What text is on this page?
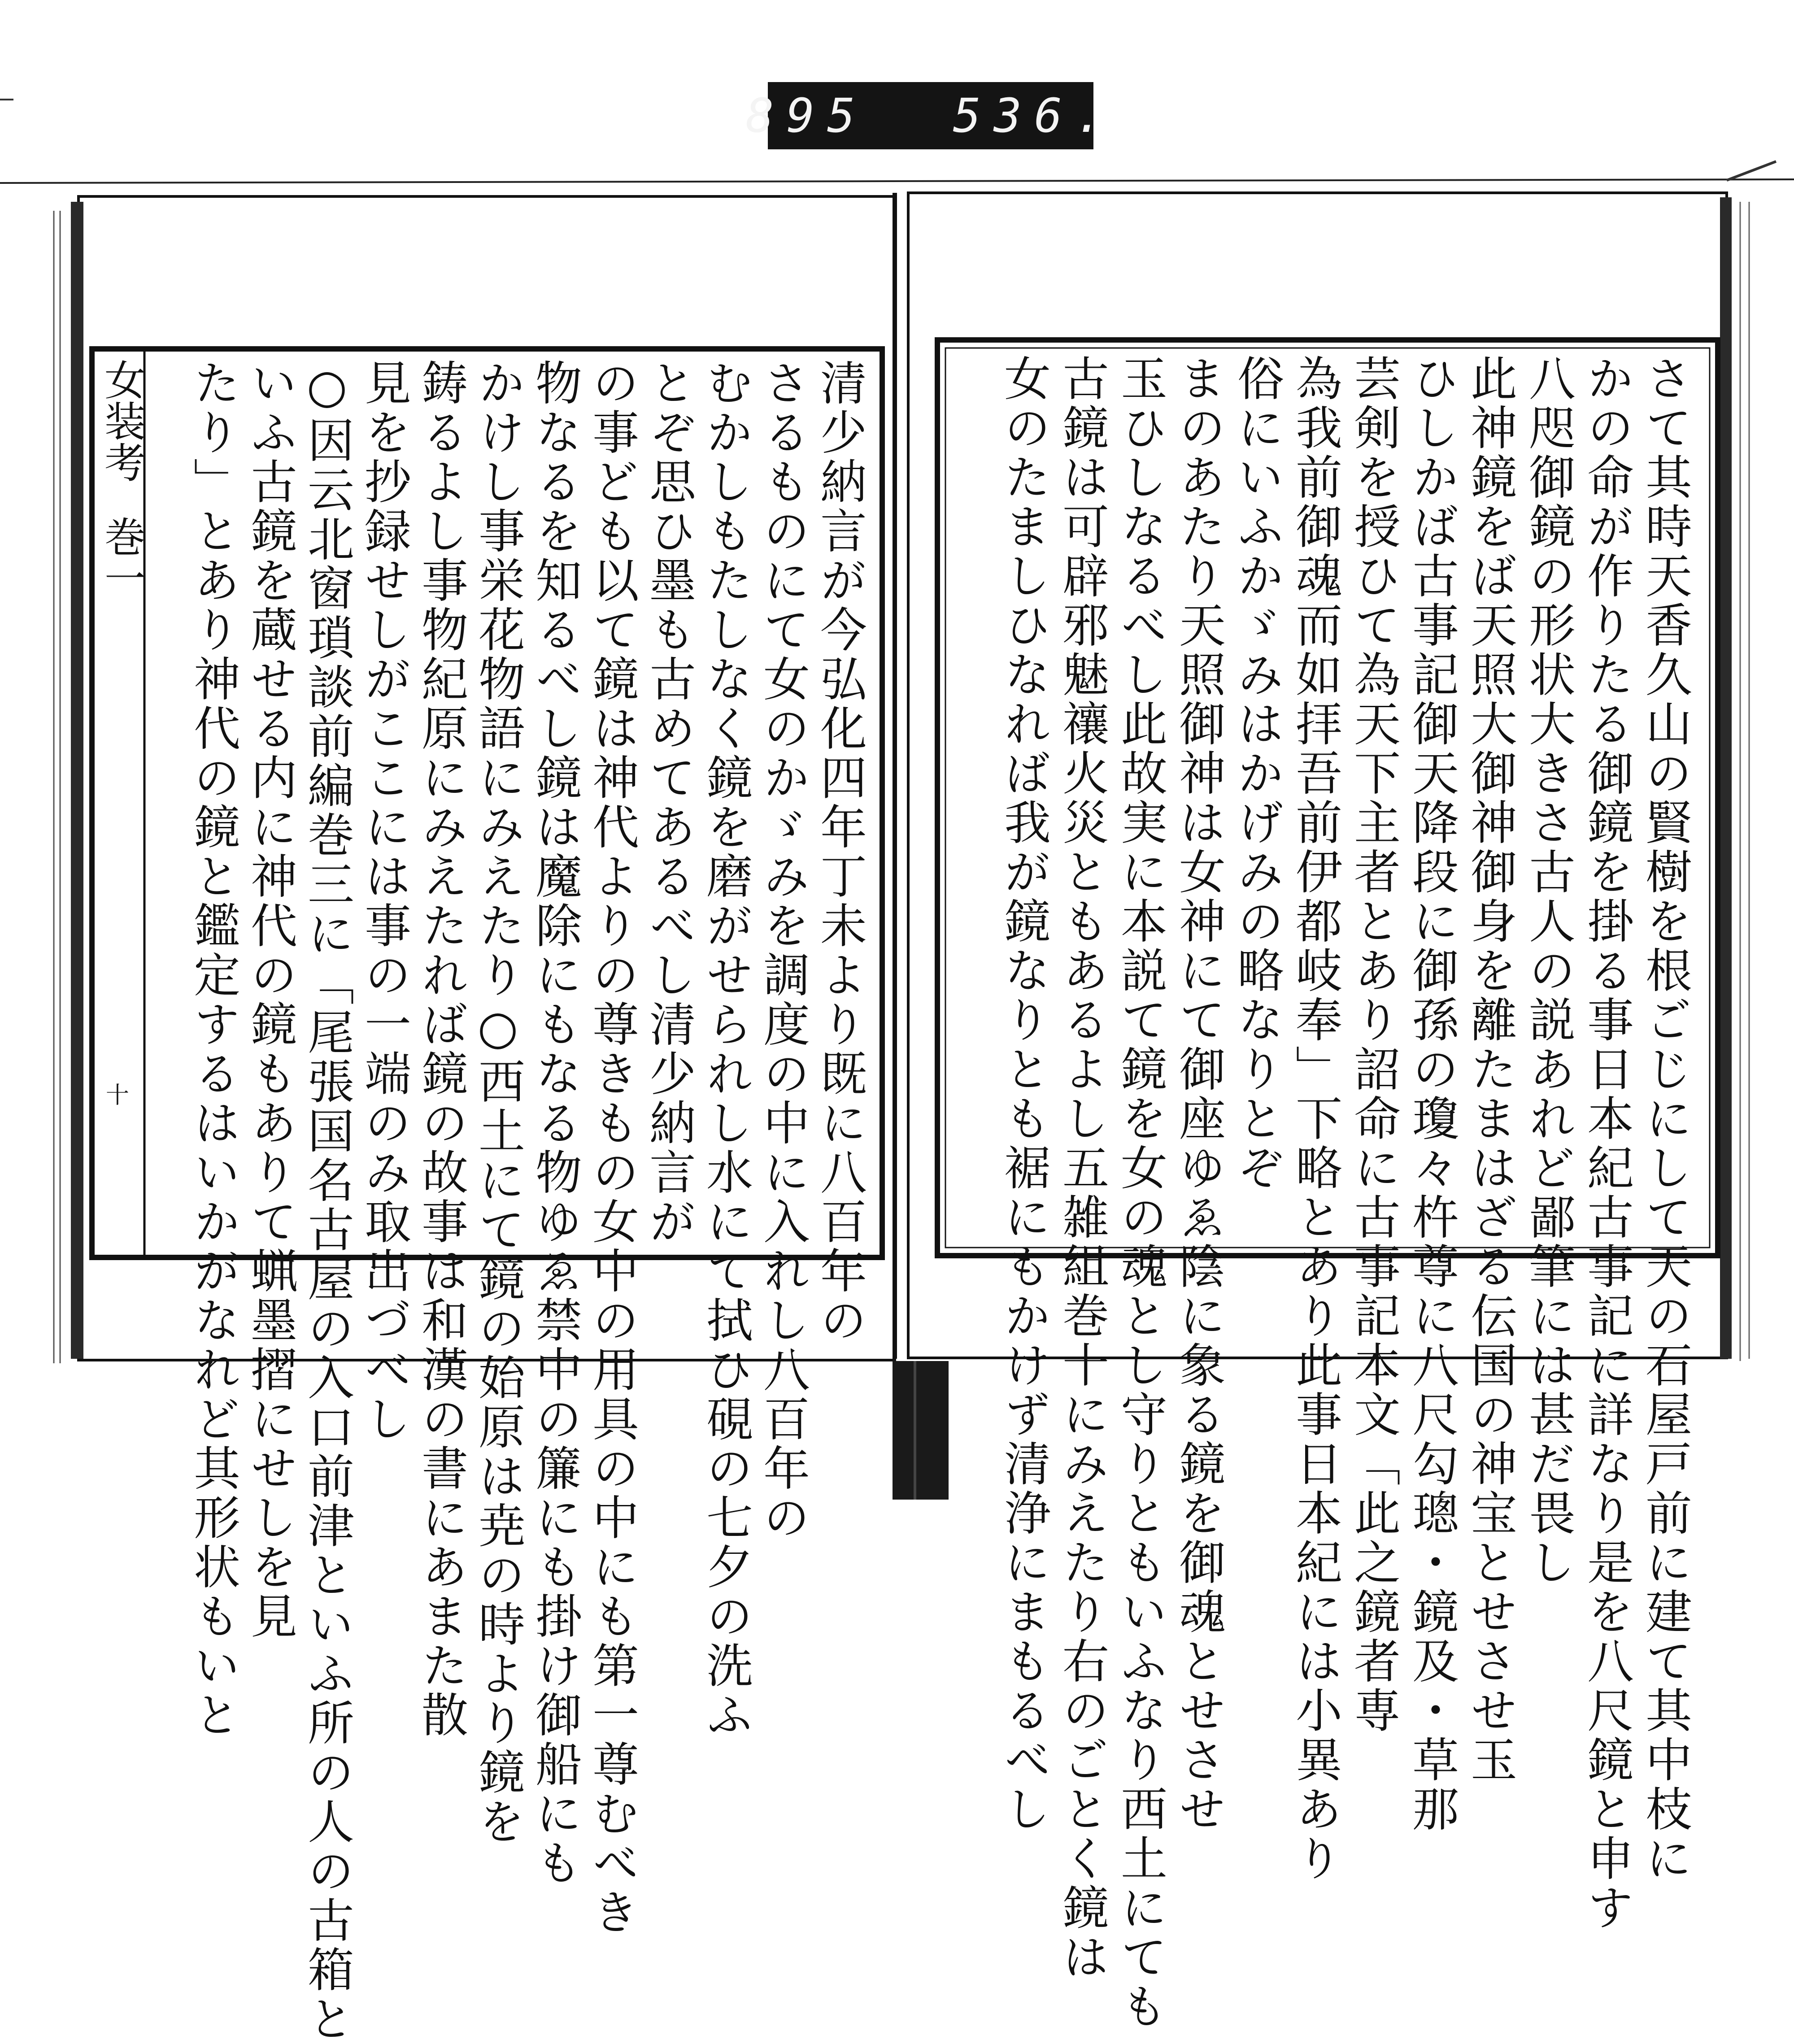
895 536.
女装考
巻一
十	清少納言が今弘化四年丁未より既に八百年の
さるものにて女のかゞみを調度の中に入れし八百年の
むかしもたしなく鏡を磨がせられし水にて拭ひ硯の七夕の洗ふ
とぞ思ひ墨も古めてあるべし清少納言が
の事ども以て鏡は神代よりの尊きもの女中の用具の中にも第一尊むべき
物なるを知るべし鏡は魔除にもなる物ゆゑ禁中の簾にも掛け御船にも
かけし事栄花物語にみえたり○西土にて鏡の始原は尭の時より鏡を
鋳るよし事物紀原にみえたれば鏡の故事は和漢の書にあまた散
見を抄録せしがここには事の一端のみ取出づべし
○因云北窗瑣談前編巻三に「尾張国名古屋の入口前津といふ所の人の古箱と
いふ古鏡を蔵せる内に神代の鏡もありて蝋墨摺にせしを見
たり」とあり神代の鏡と鑑定するはいかがなれど其形状もいと	さて其時天香久山の賢樹を根ごじにして天の石屋戸前に建て其中枝に
かの命が作りたる御鏡を掛る事日本紀古事記に詳なり是を八尺鏡と申す
八咫御鏡の形状大きさ古人の説あれど鄙筆には甚だ畏し
此神鏡をば天照大御神御身を離たまはざる伝国の神宝とせさせ玉
ひしかば古事記御天降段に御孫の瓊々杵尊に八尺勾璁・鏡及・草那
芸剣を授ひて為天下主者とあり詔命に古事記本文「此之鏡者専
為我前御魂而如拝吾前伊都岐奉」下略とあり此事日本紀には小異あり
俗にいふかゞみはかげみの略なりとぞ
まのあたり天照御神は女神にて御座ゆゑ陰に象る鏡を御魂とせさせ
玉ひしなるべし此故実に本説て鏡を女の魂とし守りともいふなり西土にても
古鏡は可辟邪魅禳火災ともあるよし五雑組巻十にみえたり右のごとく鏡は
女のたましひなれば我が鏡なりとも裾にもかけず清浄にまもるべし
